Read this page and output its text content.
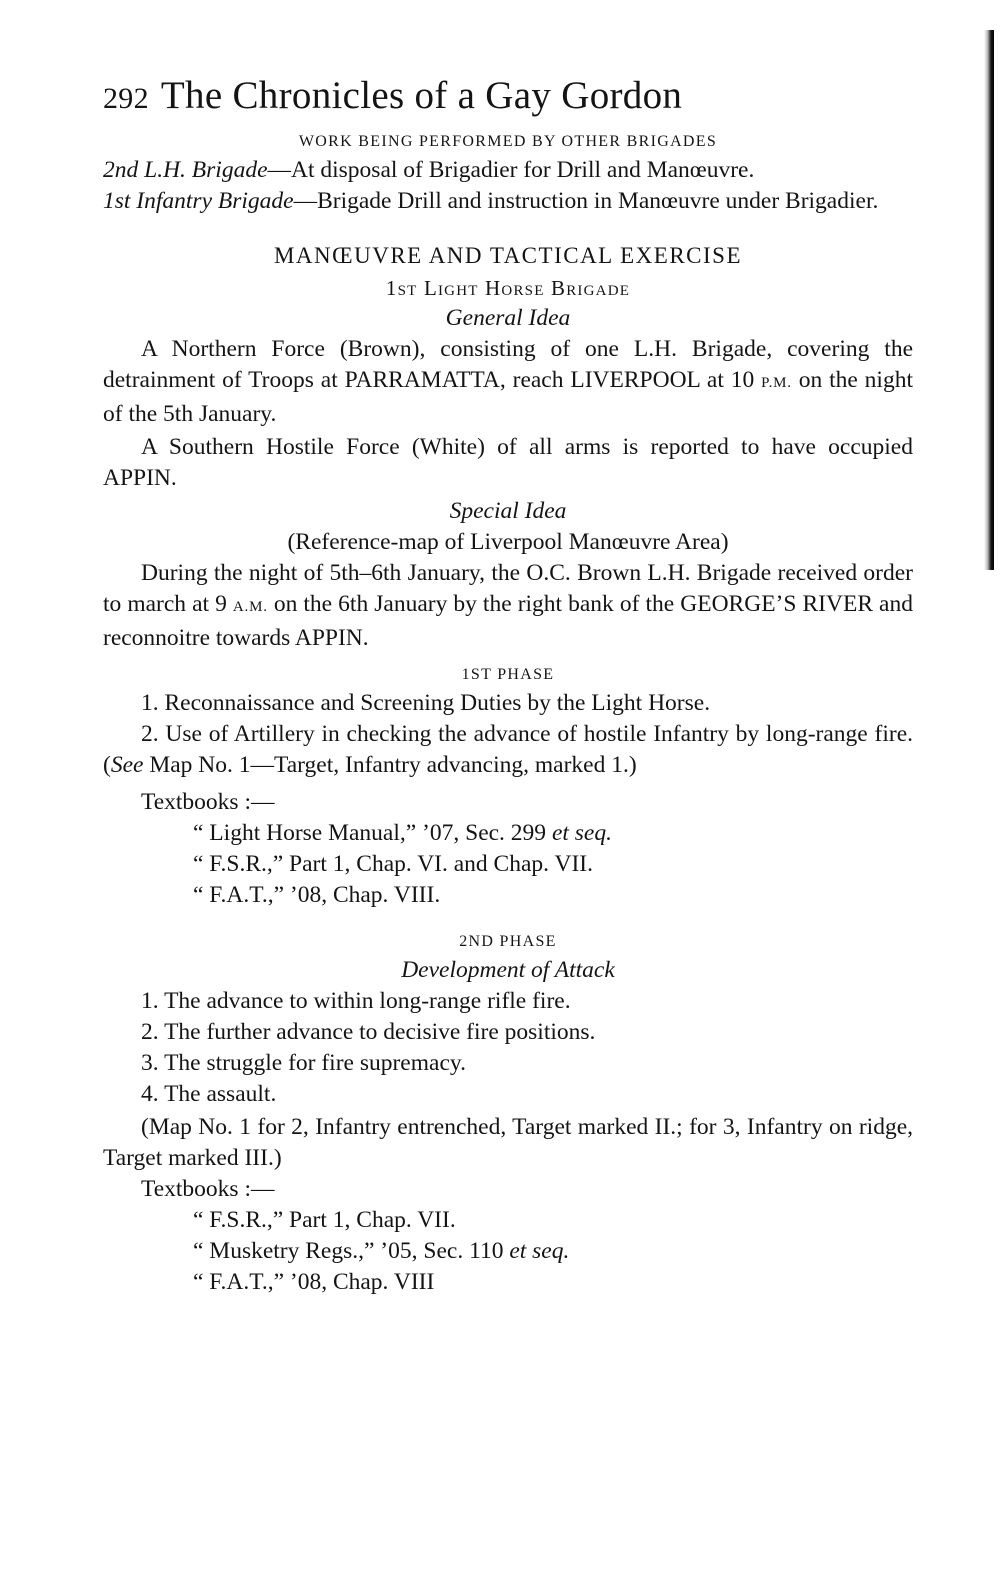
292 The Chronicles of a Gay Gordon
WORK BEING PERFORMED BY OTHER BRIGADES

2nd L.H. Brigade—At disposal of Brigadier for Drill and Manœuvre.

1st Infantry Brigade—Brigade Drill and instruction in Manœuvre under Brigadier.

MANŒUVRE AND TACTICAL EXERCISE
1st Light Horse Brigade
General Idea

A Northern Force (Brown), consisting of one L.H. Brigade, covering the detrainment of Troops at PARRAMATTA, reach LIVERPOOL at 10 P.M. on the night of the 5th January.

A Southern Hostile Force (White) of all arms is reported to have occupied APPIN.

Special Idea

(Reference-map of Liverpool Manœuvre Area)

During the night of 5th–6th January, the O.C. Brown L.H. Brigade received order to march at 9 A.M. on the 6th January by the right bank of the GEORGE’S RIVER and reconnoitre towards APPIN.

1ST PHASE

1. Reconnaissance and Screening Duties by the Light Horse.

2. Use of Artillery in checking the advance of hostile Infantry by long-range fire. (See Map No. 1—Target, Infantry advancing, marked 1.)

Textbooks :—

“ Light Horse Manual,” ’07, Sec. 299 et seq.

“ F.S.R.,” Part 1, Chap. VI. and Chap. VII.

“ F.A.T.,” ’08, Chap. VIII.

2ND PHASE
Development of Attack

1. The advance to within long-range rifle fire.

2. The further advance to decisive fire positions.

3. The struggle for fire supremacy.

4. The assault.

(Map No. 1 for 2, Infantry entrenched, Target marked II.; for 3, Infantry on ridge, Target marked III.)

Textbooks :—

“ F.S.R.,” Part 1, Chap. VII.

“ Musketry Regs.,” ’05, Sec. 110 et seq.

“ F.A.T.,” ’08, Chap. VIII
